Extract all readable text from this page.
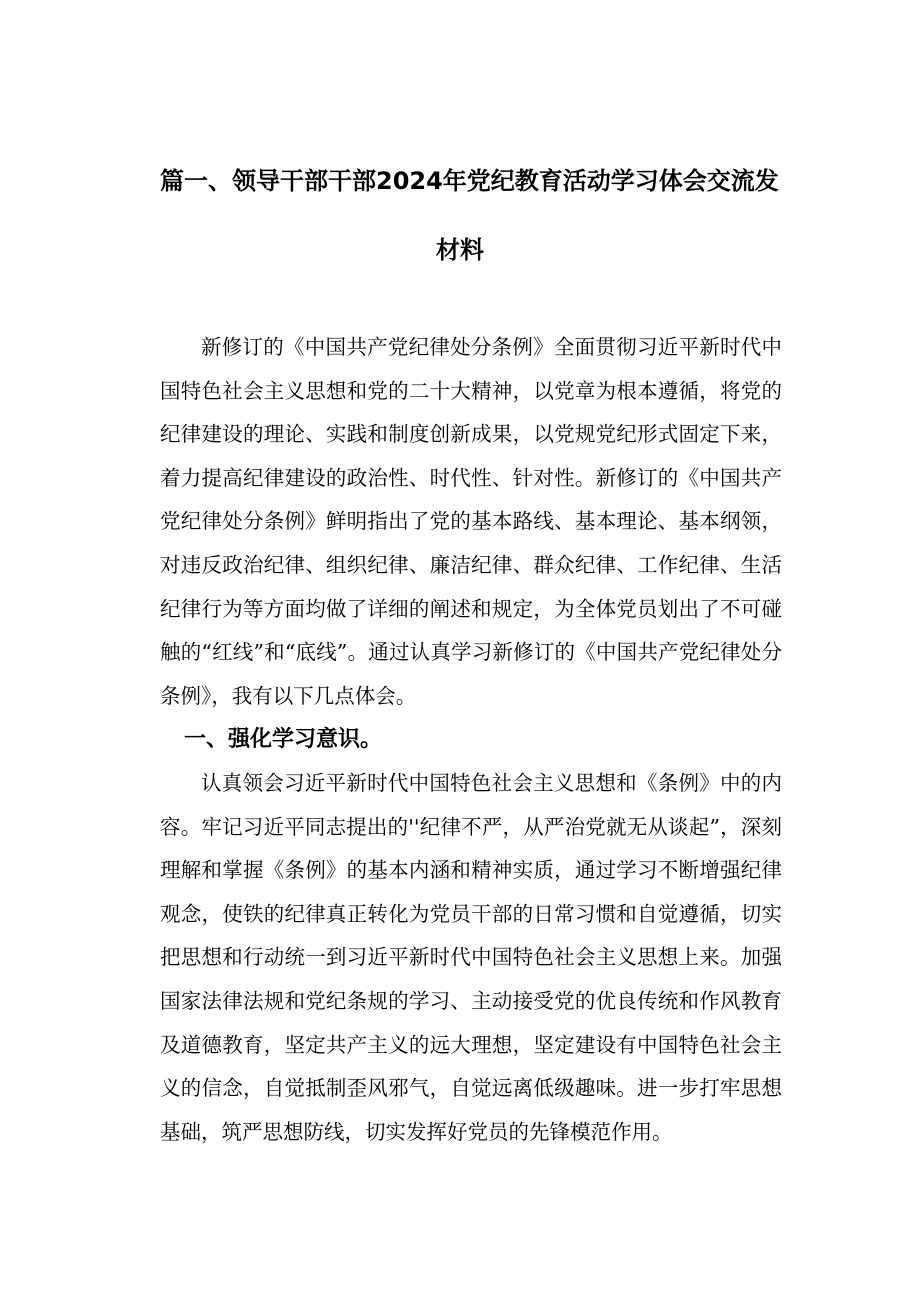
篇一、领导干部干部2024年党纪教育活动学习体会交流发
材料

新修订的《中国共产党纪律处分条例》全面贯彻习近平新时代中国特色社会主义思想和党的二十大精神，以党章为根本遵循，将党的纪律建设的理论、实践和制度创新成果，以党规党纪形式固定下来，着力提高纪律建设的政治性、时代性、针对性。新修订的《中国共产党纪律处分条例》鲜明指出了党的基本路线、基本理论、基本纲领，对违反政治纪律、组织纪律、廉洁纪律、群众纪律、工作纪律、生活纪律行为等方面均做了详细的阐述和规定，为全体党员划出了不可碰触的“红线”和“底线”。通过认真学习新修订的《中国共产党纪律处分条例》，我有以下几点体会。

一、强化学习意识。

认真领会习近平新时代中国特色社会主义思想和《条例》中的内容。牢记习近平同志提出的''纪律不严，从严治党就无从谈起”，深刻理解和掌握《条例》的基本内涵和精神实质，通过学习不断增强纪律观念，使铁的纪律真正转化为党员干部的日常习惯和自觉遵循，切实把思想和行动统一到习近平新时代中国特色社会主义思想上来。加强国家法律法规和党纪条规的学习、主动接受党的优良传统和作风教育及道德教育，坚定共产主义的远大理想，坚定建设有中国特色社会主义的信念，自觉抵制歪风邪气，自觉远离低级趣味。进一步打牢思想基础，筑严思想防线，切实发挥好党员的先锋模范作用。
